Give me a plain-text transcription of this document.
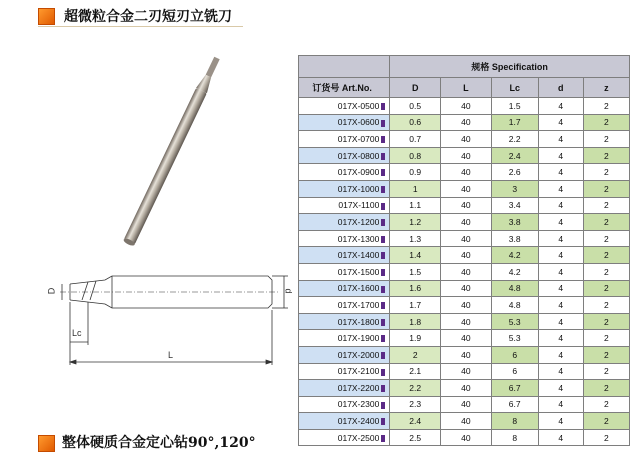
超微粒合金二刃短刃立铣刀
D	d
Lc
L
	规格 Specification				
订货号 Art.No.	D	L	Lc	d	z
017X-0500	0.5	40	1.5	4	2
017X-0600	0.6	40	1.7	4	2
017X-0700	0.7	40	2.2	4	2
017X-0800	0.8	40	2.4	4	2
017X-0900	0.9	40	2.6	4	2
017X-1000	1	40	3	4	2
017X-1100	1.1	40	3.4	4	2
017X-1200	1.2	40	3.8	4	2
017X-1300	1.3	40	3.8	4	2
017X-1400	1.4	40	4.2	4	2
017X-1500	1.5	40	4.2	4	2
017X-1600	1.6	40	4.8	4	2
017X-1700	1.7	40	4.8	4	2
017X-1800	1.8	40	5.3	4	2
017X-1900	1.9	40	5.3	4	2
017X-2000	2	40	6	4	2
017X-2100	2.1	40	6	4	2
017X-2200	2.2	40	6.7	4	2
017X-2300	2.3	40	6.7	4	2
017X-2400	2.4	40	8	4	2
017X-2500	2.5	40	8	4	2
整体硬质合金定心钻90°,120°
